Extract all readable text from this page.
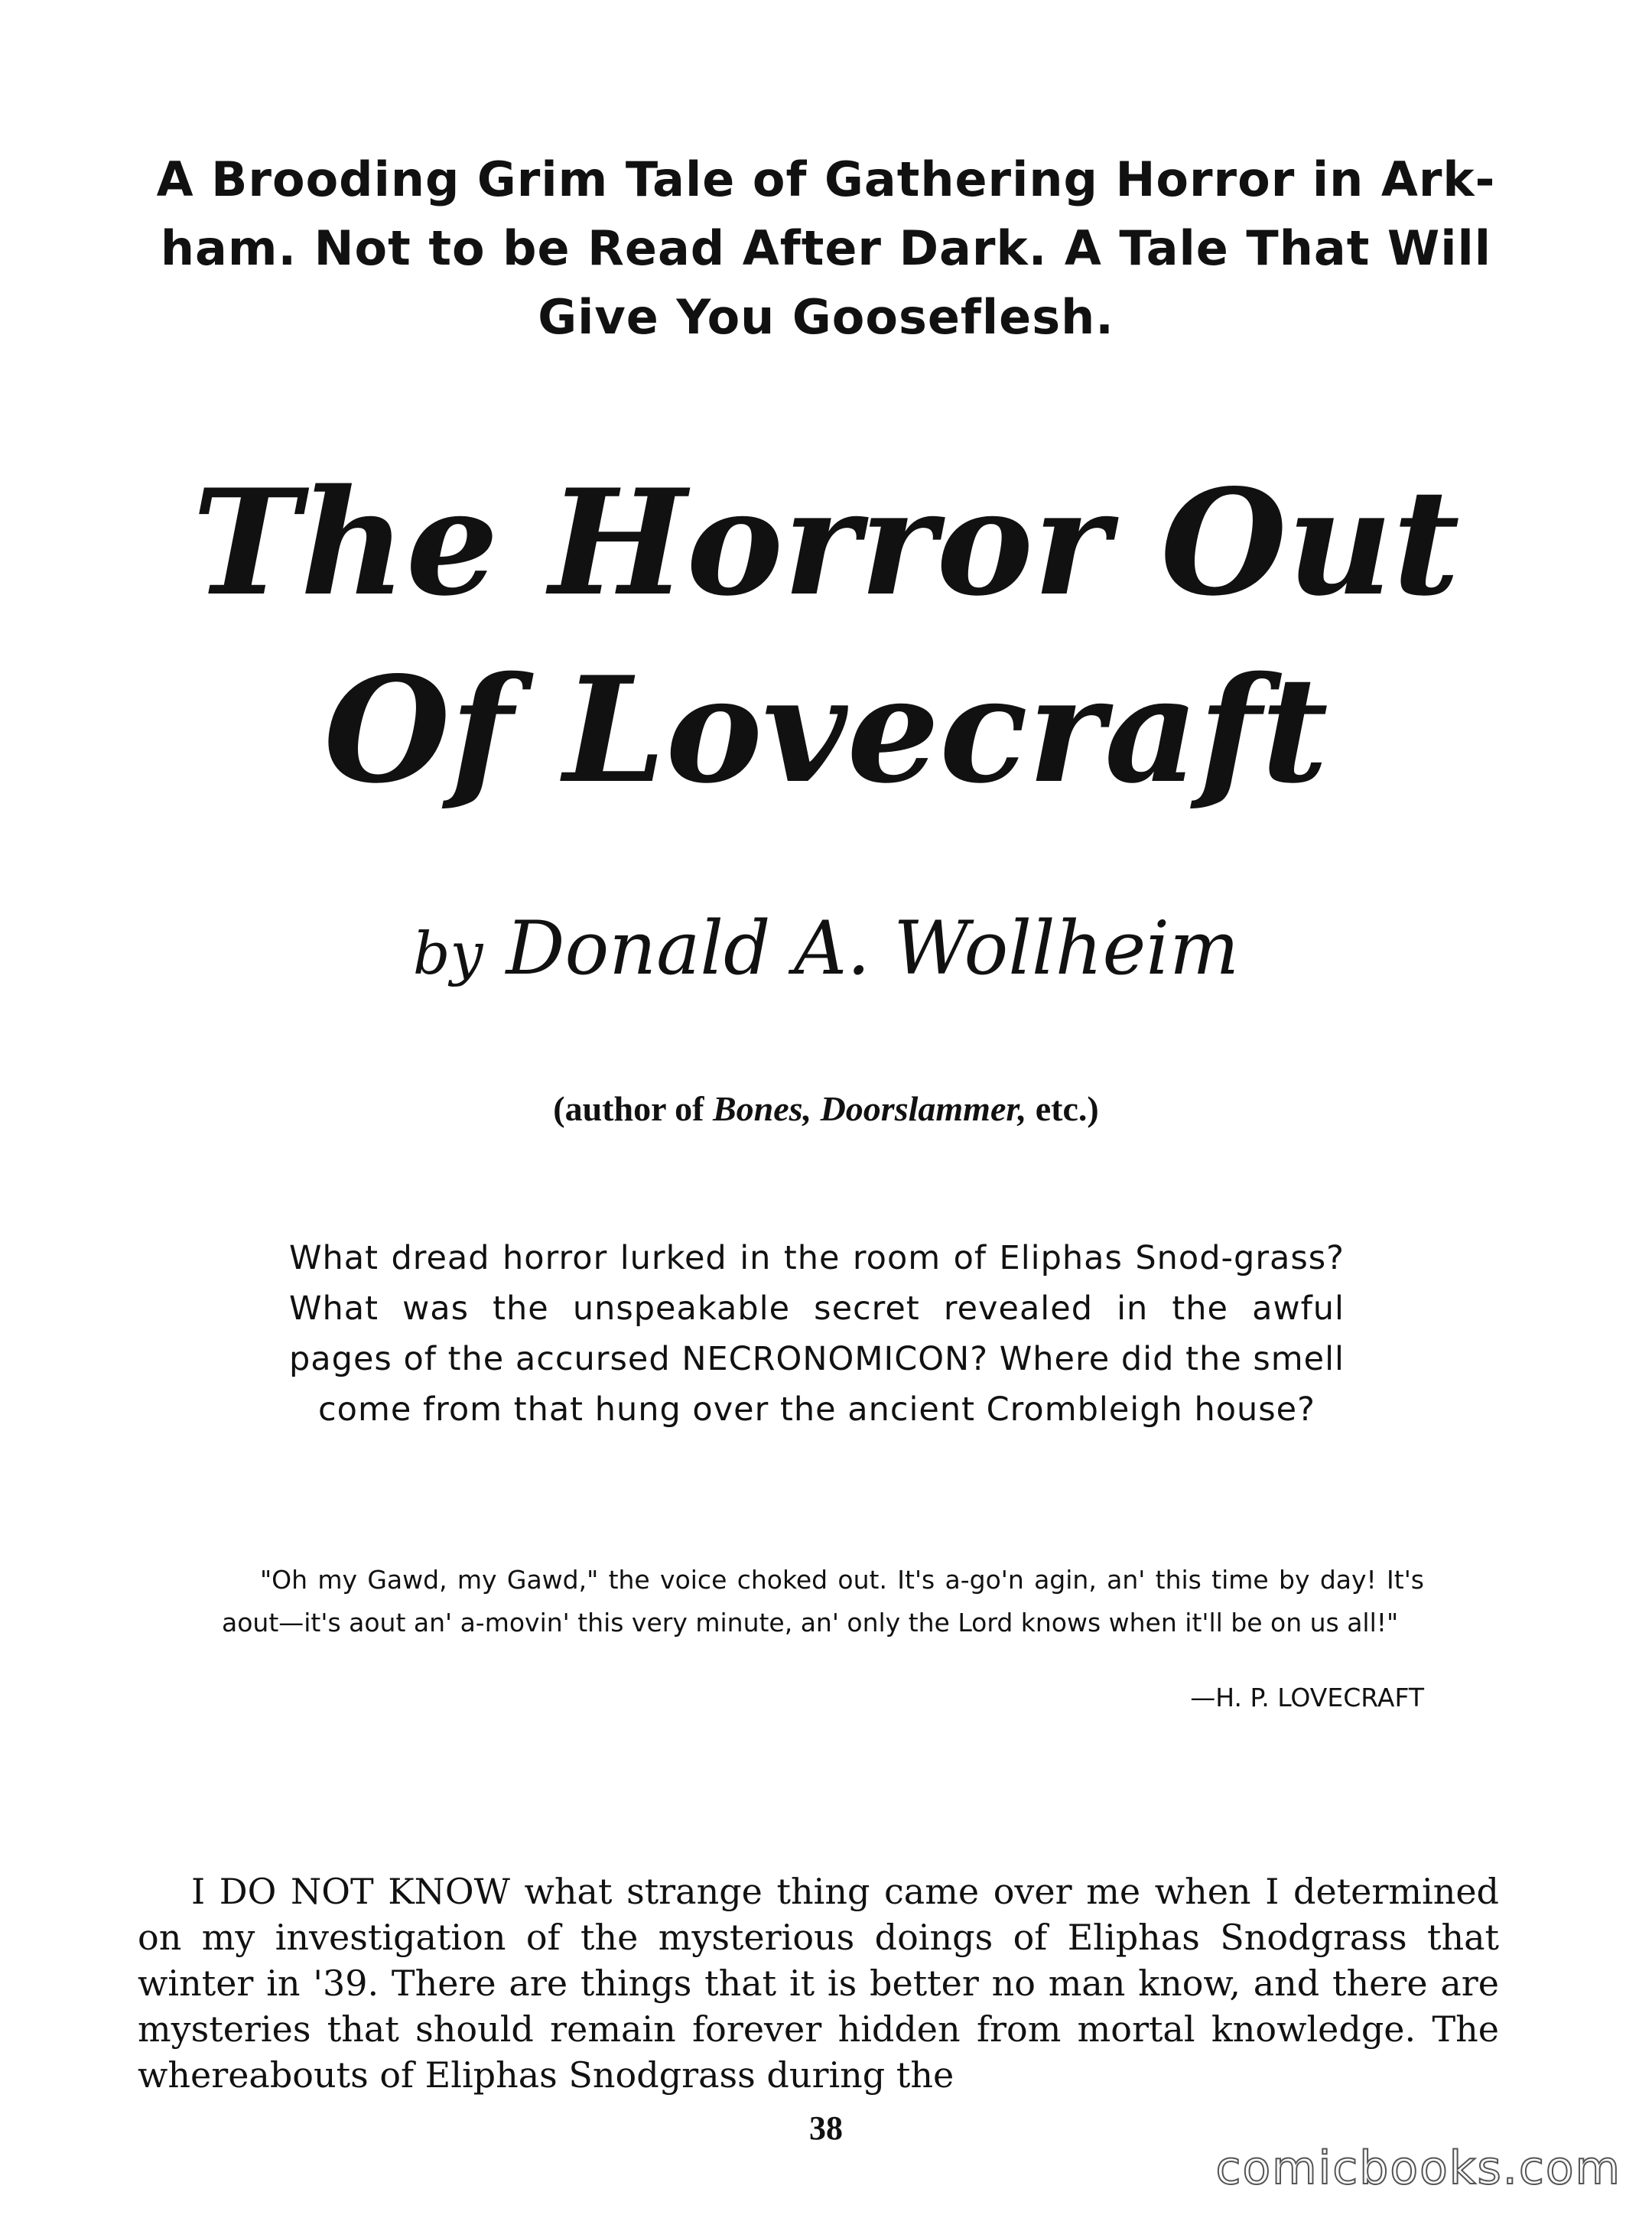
A Brooding Grim Tale of Gathering Horror in Ark-ham. Not to be Read After Dark. A Tale That Will Give You Gooseflesh.
The Horror Out
Of Lovecraft
by Donald A. Wollheim
(author of Bones, Doorslammer, etc.)
What dread horror lurked in the room of Eliphas Snod-grass? What was the unspeakable secret revealed in the awful pages of the accursed NECRONOMICON? Where did the smell come from that hung over the ancient Crombleigh house?
"Oh my Gawd, my Gawd," the voice choked out. It's a-go'n agin, an' this time by day! It's aout—it's aout an' a-movin' this very minute, an' only the Lord knows when it'll be on us all!"
—H. P. LOVECRAFT
I DO NOT KNOW what strange thing came over me when I determined on my investigation of the mysterious doings of Eliphas Snodgrass that winter in '39. There are things that it is better no man know, and there are mysteries that should remain forever hidden from mortal knowledge. The whereabouts of Eliphas Snodgrass during the
38
comicbooks.com
